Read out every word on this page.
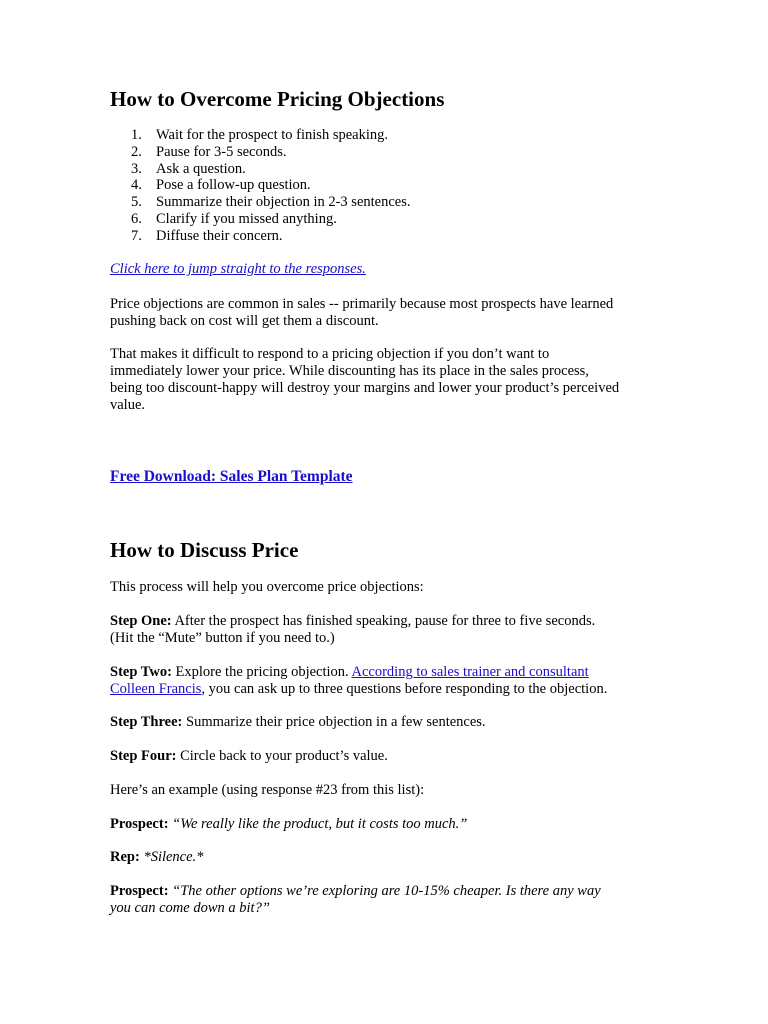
How to Overcome Pricing Objections
1. Wait for the prospect to finish speaking.
2. Pause for 3-5 seconds.
3. Ask a question.
4. Pose a follow-up question.
5. Summarize their objection in 2-3 sentences.
6. Clarify if you missed anything.
7. Diffuse their concern.

Click here to jump straight to the responses.

Price objections are common in sales -- primarily because most prospects have learned
pushing back on cost will get them a discount.

That makes it difficult to respond to a pricing objection if you don’t want to
immediately lower your price. While discounting has its place in the sales process,
being too discount-happy will destroy your margins and lower your product’s perceived
value.

Free Download: Sales Plan Template

How to Discuss Price

This process will help you overcome price objections:

Step One: After the prospect has finished speaking, pause for three to five seconds.
(Hit the “Mute” button if you need to.)

Step Two: Explore the pricing objection. According to sales trainer and consultant
Colleen Francis, you can ask up to three questions before responding to the objection.

Step Three: Summarize their price objection in a few sentences.

Step Four: Circle back to your product’s value.

Here’s an example (using response #23 from this list):

Prospect: “We really like the product, but it costs too much.”

Rep: *Silence.*

Prospect: “The other options we’re exploring are 10-15% cheaper. Is there any way
you can come down a bit?”
